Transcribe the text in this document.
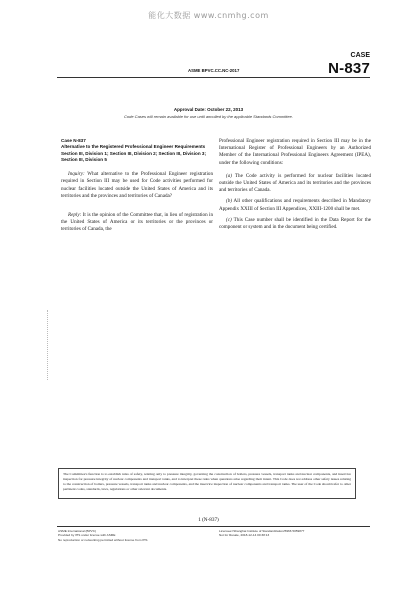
能化大数据 www.cnmhg.com
CASE
N-837
ASME BPVC.CC.NC-2017
Approval Date: October 22, 2013
Code Cases will remain available for use until annulled by the applicable Standards Committee.
Case N-837
Alternative to the Registered Professional Engineer Requirements
Section III, Division 1; Section III, Division 2; Section III, Division 3; Section III, Division 5

Inquiry: What alternative to the Professional Engineer registration required in Section III may be used for Code activities performed for nuclear facilities located outside the United States of America and its territories and the provinces and territories of Canada?

Reply: It is the opinion of the Committee that, in lieu of registration in the United States of America or its territories or the provinces or territories of Canada, the

Professional Engineer registration required in Section III may be in the International Register of Professional Engineers by an Authorized Member of the International Professional Engineers Agreement (IPEA), under the following conditions:

(a) The Code activity is performed for nuclear facilities located outside the United States of America and its territories and the provinces and territories of Canada.

(b) All other qualifications and requirements described in Mandatory Appendix XXIII of Section III Appendices, XXIII-1200 shall be met.

(c) This Case number shall be identified in the Data Report for the component or system and in the document being certified.

The Committee's function is to establish rules of safety, relating only to pressure integrity, governing the construction of boilers, pressure vessels, transport tanks and nuclear components, and inservice inspection for pressure integrity of nuclear components and transport tanks, and to interpret these rules when questions arise regarding their intent. This Code does not address other safety issues relating to the construction of boilers, pressure vessels, transport tanks and nuclear components, and the inservice inspection of nuclear components and transport tanks. The user of the Code should refer to other pertinent codes, standards, laws, regulations or other relevant documents.
1 (N-837)
ASME International (BPVC)
Provided by IHS under license with ASME
No reproduction or networking permitted without license from IHS
Licensee=Shanghai Institute of Standardization/5966 5059877
Not for Resale, 2018-12-14 00:38:13
